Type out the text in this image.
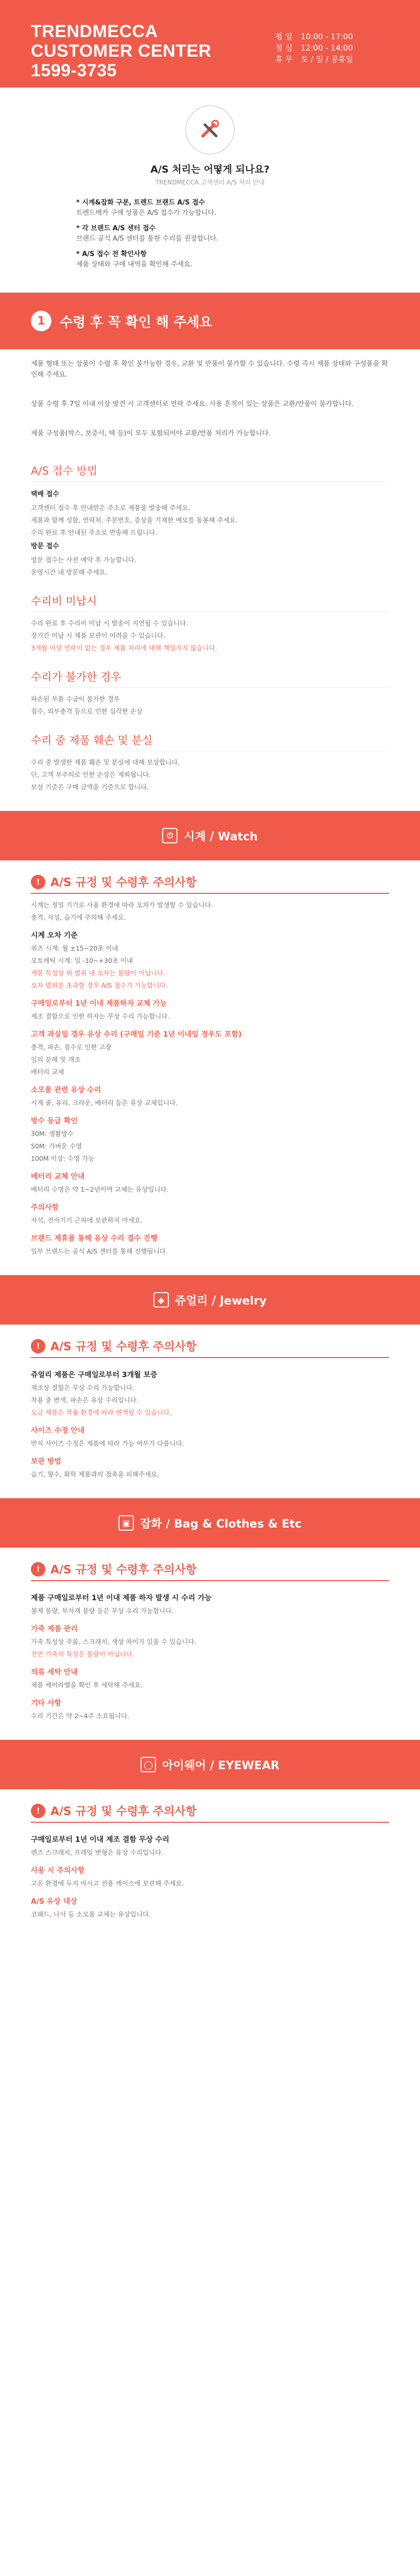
TRENDMECCA
CUSTOMER CENTER
1599-3735
평 일 10:00 - 17:00
점 심 12:00 - 14:00
휴 무 토 / 일 / 공휴일
A/S 처리는 어떻게 되나요?
TRENDMECCA 고객센터 A/S 처리 안내
* 시계&잡화 구분, 트렌드 브랜드 A/S 접수
트렌드메카 구매 상품은 A/S 접수가 가능합니다.
* 각 브랜드 A/S 센터 접수
브랜드 공식 A/S 센터를 통한 수리를 권장합니다.
* A/S 접수 전 확인사항
제품 상태와 구매 내역을 확인해 주세요.
1	수령 후 꼭 확인 해 주세요
제품 형태 또는 상품이 수령 후 확인 불가능한 경우, 교환 및 반품이 불가할 수 있습니다. 수령 즉시 제품 상태와 구성품을 확인해 주세요.
상품 수령 후 7일 이내 이상 발견 시 고객센터로 연락 주세요. 사용 흔적이 있는 상품은 교환/반품이 불가합니다.
제품 구성품(박스, 보증서, 택 등)이 모두 포함되어야 교환/반품 처리가 가능합니다.
A/S 접수 방법
택배 접수
고객센터 접수 후 안내받은 주소로 제품을 발송해 주세요.
제품과 함께 성함, 연락처, 주문번호, 증상을 기재한 메모를 동봉해 주세요.
수리 완료 후 안내된 주소로 반송해 드립니다.
방문 접수
방문 접수는 사전 예약 후 가능합니다.
운영시간 내 방문해 주세요.
수리비 미납시
수리 완료 후 수리비 미납 시 발송이 지연될 수 있습니다.
장기간 미납 시 제품 보관이 어려울 수 있습니다.
3개월 이상 연락이 없는 경우 제품 처리에 대해 책임지지 않습니다.
수리가 불가한 경우
파손된 부품 수급이 불가한 경우
침수, 외부충격 등으로 인한 심각한 손상
수리 중 제품 훼손 및 분실
수리 중 발생한 제품 훼손 및 분실에 대해 보상합니다.
단, 고객 부주의로 인한 손상은 제외됩니다.
보상 기준은 구매 금액을 기준으로 합니다.
⏱ 시계 / Watch
! A/S 규정 및 수령후 주의사항
시계는 정밀 기기로 사용 환경에 따라 오차가 발생할 수 있습니다.
충격, 자성, 습기에 주의해 주세요.
시계 오차 기준
쿼츠 시계: 월 ±15~20초 이내
오토매틱 시계: 일 -10~+30초 이내
제품 특성상 위 범위 내 오차는 불량이 아닙니다.
오차 범위를 초과할 경우 A/S 접수가 가능합니다.
구매일로부터 1년 이내 제품하자 교체 가능
제조 결함으로 인한 하자는 무상 수리 가능합니다.
고객 과실일 경우 유상 수리 (구매일 기준 1년 이내일 경우도 포함)
충격, 파손, 침수로 인한 고장
임의 분해 및 개조
배터리 교체
소모품 관련 유상 수리
시계 줄, 유리, 크라운, 배터리 등은 유상 교체입니다.
방수 등급 확인
30M: 생활방수
50M: 가벼운 수영
100M 이상: 수영 가능
배터리 교체 안내
배터리 수명은 약 1~2년이며 교체는 유상입니다.
주의사항
자석, 전자기기 근처에 보관하지 마세요.
브랜드 제휴를 통해 유상 수리 접수 진행
일부 브랜드는 공식 A/S 센터를 통해 진행됩니다.
◆ 쥬얼리 / Jewelry
! A/S 규정 및 수령후 주의사항
쥬얼리 제품은 구매일로부터 3개월 보증
제조상 결함은 무상 수리 가능합니다.
착용 중 변색, 파손은 유상 수리입니다.
도금 제품은 착용 환경에 따라 변색될 수 있습니다.
사이즈 수정 안내
반지 사이즈 수정은 제품에 따라 가능 여부가 다릅니다.
보관 방법
습기, 향수, 화학 제품과의 접촉을 피해주세요.
▣ 잡화 / Bag & Clothes & Etc
! A/S 규정 및 수령후 주의사항
제품 구매일로부터 1년 이내 제품 하자 발생 시 수리 가능
봉제 불량, 부자재 불량 등은 무상 수리 가능합니다.
가죽 제품 관리
가죽 특성상 주름, 스크래치, 색상 차이가 있을 수 있습니다.
천연 가죽의 특성은 불량이 아닙니다.
의류 세탁 안내
제품 케어라벨을 확인 후 세탁해 주세요.
기타 사항
수리 기간은 약 2~4주 소요됩니다.
◯ 아이웨어 / EYEWEAR
! A/S 규정 및 수령후 주의사항
구매일로부터 1년 이내 제조 결함 무상 수리
렌즈 스크래치, 프레임 변형은 유상 수리입니다.
사용 시 주의사항
고온 환경에 두지 마시고 전용 케이스에 보관해 주세요.
A/S 유상 대상
코패드, 나사 등 소모품 교체는 유상입니다.
